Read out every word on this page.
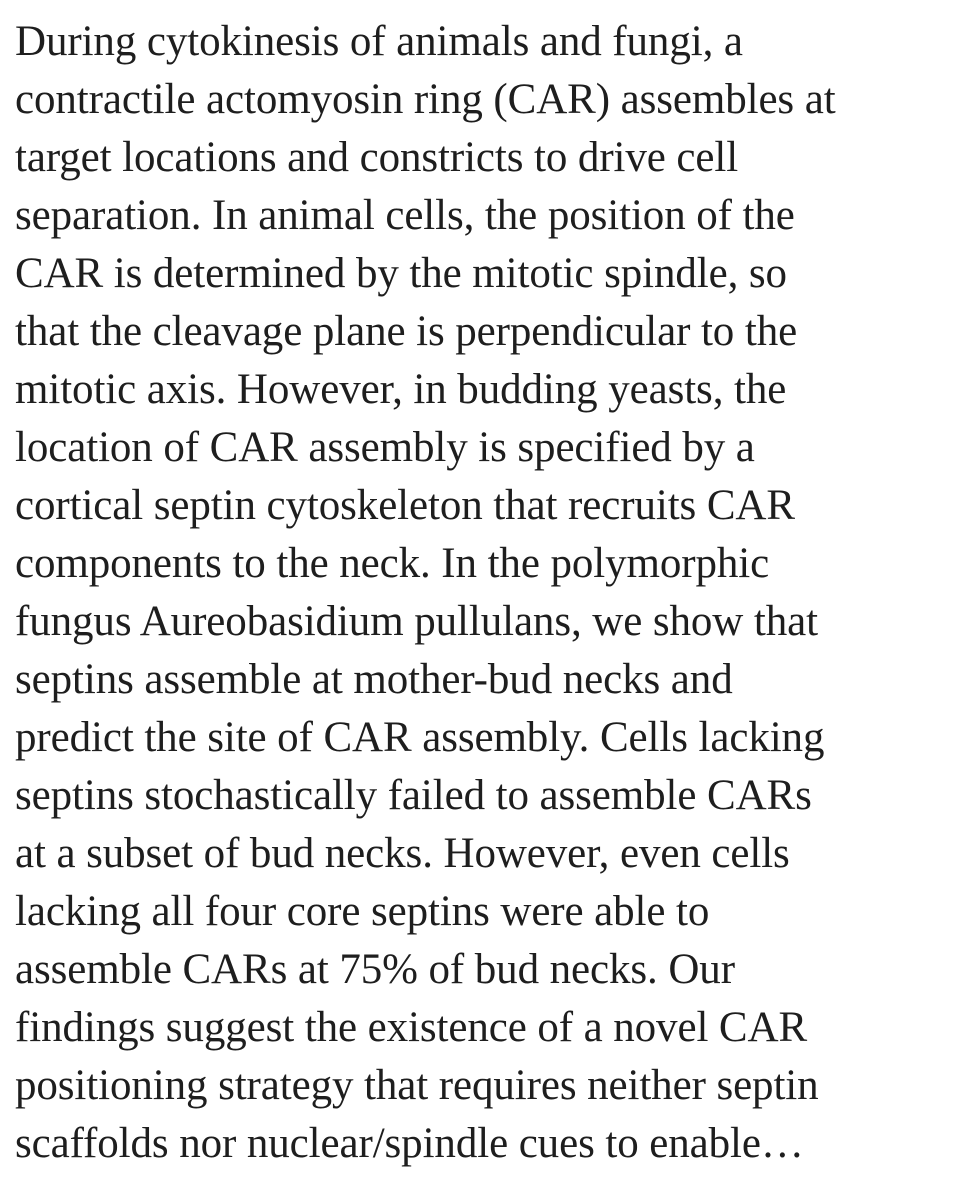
During cytokinesis of animals and fungi, a
contractile actomyosin ring (CAR) assembles at
target locations and constricts to drive cell
separation. In animal cells, the position of the
CAR is determined by the mitotic spindle, so
that the cleavage plane is perpendicular to the
mitotic axis. However, in budding yeasts, the
location of CAR assembly is specified by a
cortical septin cytoskeleton that recruits CAR
components to the neck. In the polymorphic
fungus Aureobasidium pullulans, we show that
septins assemble at mother-bud necks and
predict the site of CAR assembly. Cells lacking
septins stochastically failed to assemble CARs
at a subset of bud necks. However, even cells
lacking all four core septins were able to
assemble CARs at 75% of bud necks. Our
findings suggest the existence of a novel CAR
positioning strategy that requires neither septin
scaffolds nor nuclear/spindle cues to enable…
